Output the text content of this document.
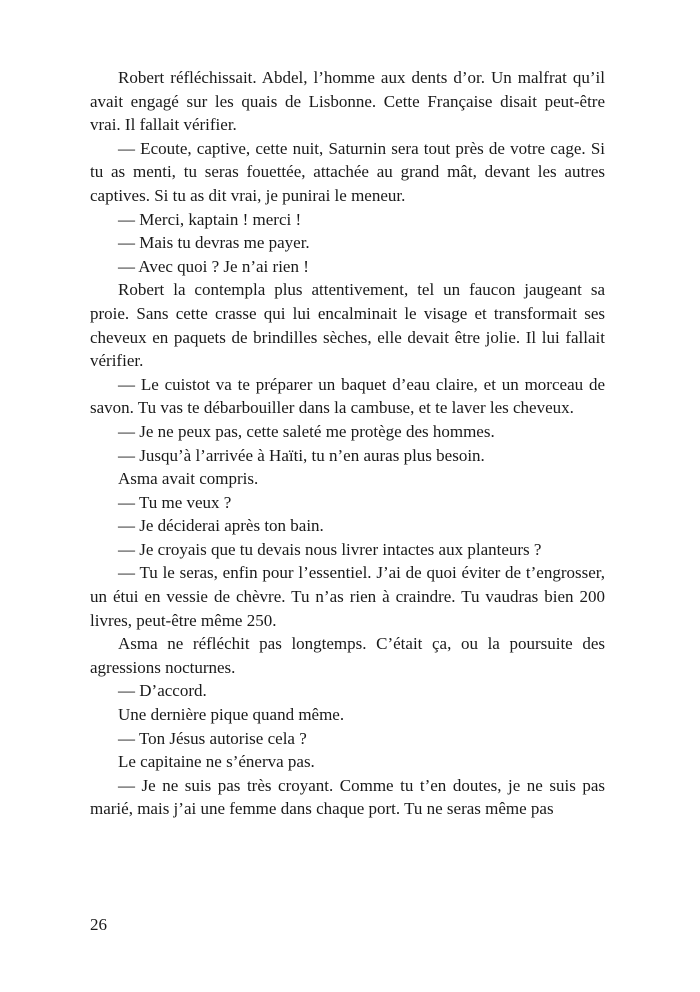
Robert réfléchissait. Abdel, l’homme aux dents d’or. Un malfrat qu’il avait engagé sur les quais de Lisbonne. Cette Française disait peut-être vrai. Il fallait vérifier.

— Ecoute, captive, cette nuit, Saturnin sera tout près de votre cage. Si tu as menti, tu seras fouettée, attachée au grand mât, devant les autres captives. Si tu as dit vrai, je punirai le meneur.

— Merci, kaptain ! merci !

— Mais tu devras me payer.

— Avec quoi ? Je n’ai rien !

Robert la contempla plus attentivement, tel un faucon jaugeant sa proie. Sans cette crasse qui lui encalminait le visage et transformait ses cheveux en paquets de brindilles sèches, elle devait être jolie. Il lui fallait vérifier.

— Le cuistot va te préparer un baquet d’eau claire, et un morceau de savon. Tu vas te débarbouiller dans la cambuse, et te laver les cheveux.

— Je ne peux pas, cette saleté me protège des hommes.

— Jusqu’à l’arrivée à Haïti, tu n’en auras plus besoin.

Asma avait compris.

— Tu me veux ?

— Je déciderai après ton bain.

— Je croyais que tu devais nous livrer intactes aux planteurs ?

— Tu le seras, enfin pour l’essentiel. J’ai de quoi éviter de t’engrosser, un étui en vessie de chèvre. Tu n’as rien à craindre. Tu vaudras bien 200 livres, peut-être même 250.

Asma ne réfléchit pas longtemps. C’était ça, ou la poursuite des agressions nocturnes.

— D’accord.

Une dernière pique quand même.

— Ton Jésus autorise cela ?

Le capitaine ne s’énerva pas.

— Je ne suis pas très croyant. Comme tu t’en doutes, je ne suis pas marié, mais j’ai une femme dans chaque port. Tu ne seras même pas

26
